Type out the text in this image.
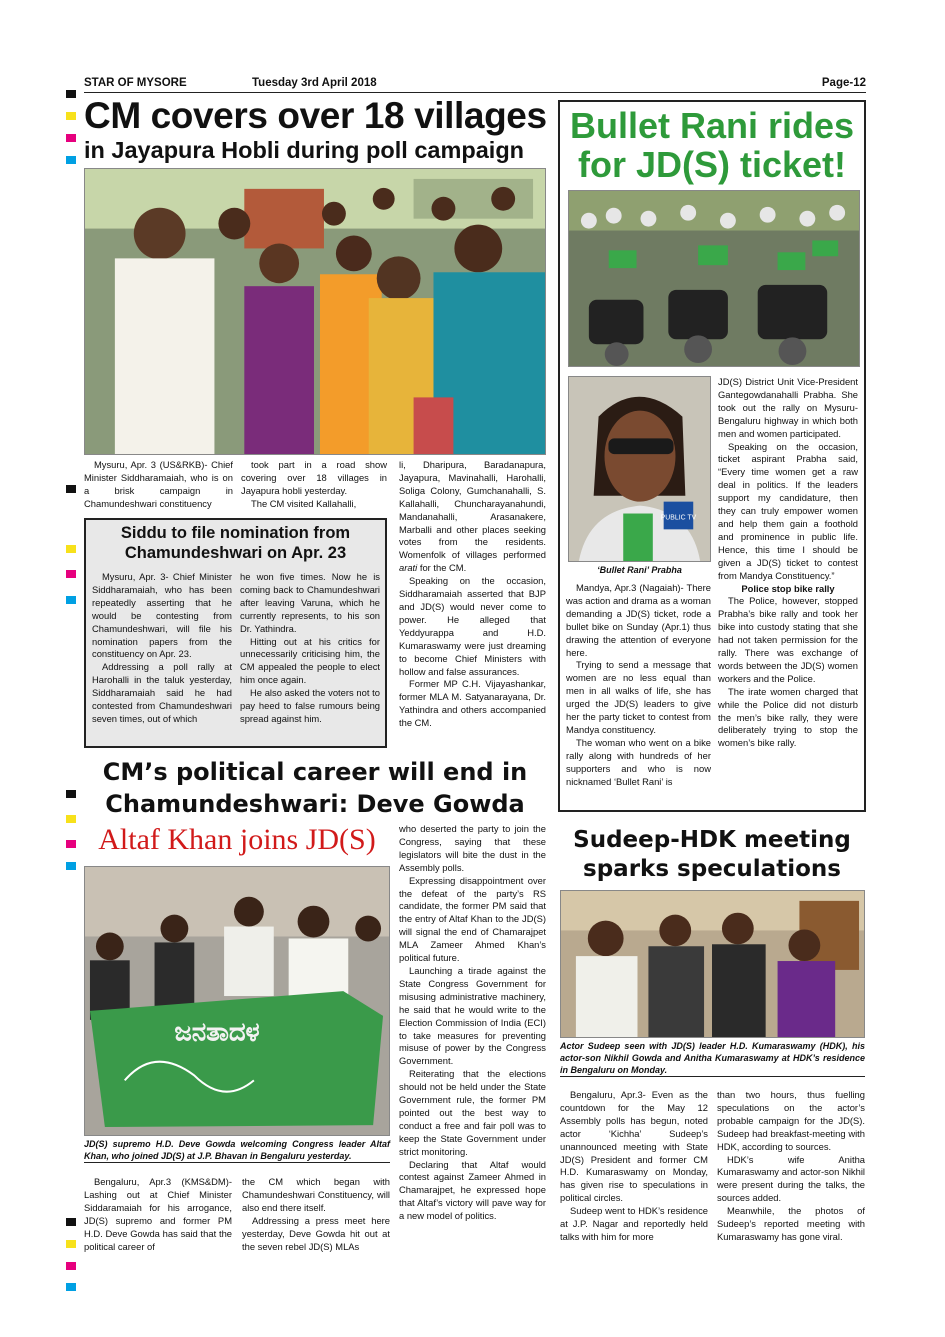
STAR OF MYSORE	Tuesday 3rd April 2018	Page-12
CM covers over 18 villages
in Jayapura Hobli during poll campaign
Mysuru, Apr. 3 (US&RKB)- Chief Minister Siddharamaiah, who is on a brisk campaign in Chamundeshwari constituency
took part in a road show covering over 18 villages in Jayapura hobli yesterday.
The CM visited Kallahalli,
li, Dharipura, Baradanapura, Jayapura, Mavinahalli, Harohalli, Soliga Colony, Gumchanahalli, S. Kallahalli, Chuncharayanahundi, Mandanahalli, Arasanakere, Marballi and other places seeking votes from the residents. Womenfolk of villages performed arati for the CM.
Speaking on the occasion, Siddharamaiah asserted that BJP and JD(S) would never come to power. He alleged that Yeddyurappa and H.D. Kumaraswamy were just dreaming to become Chief Ministers with hollow and false assurances.
Former MP C.H. Vijayashankar, former MLA M. Satyanarayana, Dr. Yathindra and others accompanied the CM.
Siddu to file nomination from
Chamundeshwari on Apr. 23
Mysuru, Apr. 3- Chief Minister Siddharamaiah, who has been repeatedly asserting that he would be contesting from Chamundeshwari, will file his nomination papers from the constituency on Apr. 23.
Addressing a poll rally at Harohalli in the taluk yesterday, Siddharamaiah said he had contested from Chamundeshwari seven times, out of which
he won five times. Now he is coming back to Chamundeshwari after leaving Varuna, which he currently represents, to his son Dr. Yathindra.
Hitting out at his critics for unnecessarily criticising him, the CM appealed the people to elect him once again.
He also asked the voters not to pay heed to false rumours being spread against him.
Bullet Rani rides
for JD(S) ticket!
PUBLIC TV
‘Bullet Rani’ Prabha
Mandya, Apr.3 (Nagaiah)- There was action and drama as a woman demanding a JD(S) ticket, rode a bullet bike on Sunday (Apr.1) thus drawing the attention of everyone here.
Trying to send a message that women are no less equal than men in all walks of life, she has urged the JD(S) leaders to give her the party ticket to contest from Mandya constituency.
The woman who went on a bike rally along with hundreds of her supporters and who is now nicknamed ‘Bullet Rani’ is
JD(S) District Unit Vice-President Gantegowdanahalli Prabha. She took out the rally on Mysuru-Bengaluru highway in which both men and women participated.
Speaking on the occasion, ticket aspirant Prabha said, “Every time women get a raw deal in politics. If the leaders support my candidature, then they can truly empower women and help them gain a foothold and prominence in public life. Hence, this time I should be given a JD(S) ticket to contest from Mandya Constituency.”
Police stop bike rally
The Police, however, stopped Prabha’s bike rally and took her bike into custody stating that she had not taken permission for the rally. There was exchange of words between the JD(S) women workers and the Police.
The irate women charged that while the Police did not disturb the men’s bike rally, they were deliberately trying to stop the women’s bike rally.
CM’s political career will end in
Chamundeshwari: Deve Gowda
Altaf Khan joins JD(S)
ಜನತಾದಳ
JD(S) supremo H.D. Deve Gowda welcoming Congress leader Altaf Khan, who joined JD(S) at J.P. Bhavan in Bengaluru yesterday.
Bengaluru, Apr.3 (KMS&DM)- Lashing out at Chief Minister Siddaramaiah for his arrogance, JD(S) supremo and former PM H.D. Deve Gowda has said that the political career of
the CM which began with Chamundeshwari Constituency, will also end there itself.
Addressing a press meet here yesterday, Deve Gowda hit out at the seven rebel JD(S) MLAs
who deserted the party to join the Congress, saying that these legislators will bite the dust in the Assembly polls.
Expressing disappointment over the defeat of the party’s RS candidate, the former PM said that the entry of Altaf Khan to the JD(S) will signal the end of Chamarajpet MLA Zameer Ahmed Khan’s political future.
Launching a tirade against the State Congress Government for misusing administrative machinery, he said that he would write to the Election Commission of India (ECI) to take measures for preventing misuse of power by the Congress Government.
Reiterating that the elections should not be held under the State Government rule, the former PM pointed out the best way to conduct a free and fair poll was to keep the State Government under strict monitoring.
Declaring that Altaf would contest against Zameer Ahmed in Chamarajpet, he expressed hope that Altaf’s victory will pave way for a new model of politics.
Sudeep-HDK meeting
sparks speculations
Actor Sudeep seen with JD(S) leader H.D. Kumaraswamy (HDK), his actor-son Nikhil Gowda and Anitha Kumaraswamy at HDK’s residence in Bengaluru on Monday.
Bengaluru, Apr.3- Even as the countdown for the May 12 Assembly polls has begun, noted actor ‘Kichha’ Sudeep’s unannounced meeting with State JD(S) President and former CM H.D. Kumaraswamy on Monday, has given rise to speculations in political circles.
Sudeep went to HDK’s residence at J.P. Nagar and reportedly held talks with him for more
than two hours, thus fuelling speculations on the actor’s probable campaign for the JD(S). Sudeep had breakfast-meeting with HDK, according to sources.
HDK’s wife Anitha Kumaraswamy and actor-son Nikhil were present during the talks, the sources added.
Meanwhile, the photos of Sudeep’s reported meeting with Kumaraswamy has gone viral.
